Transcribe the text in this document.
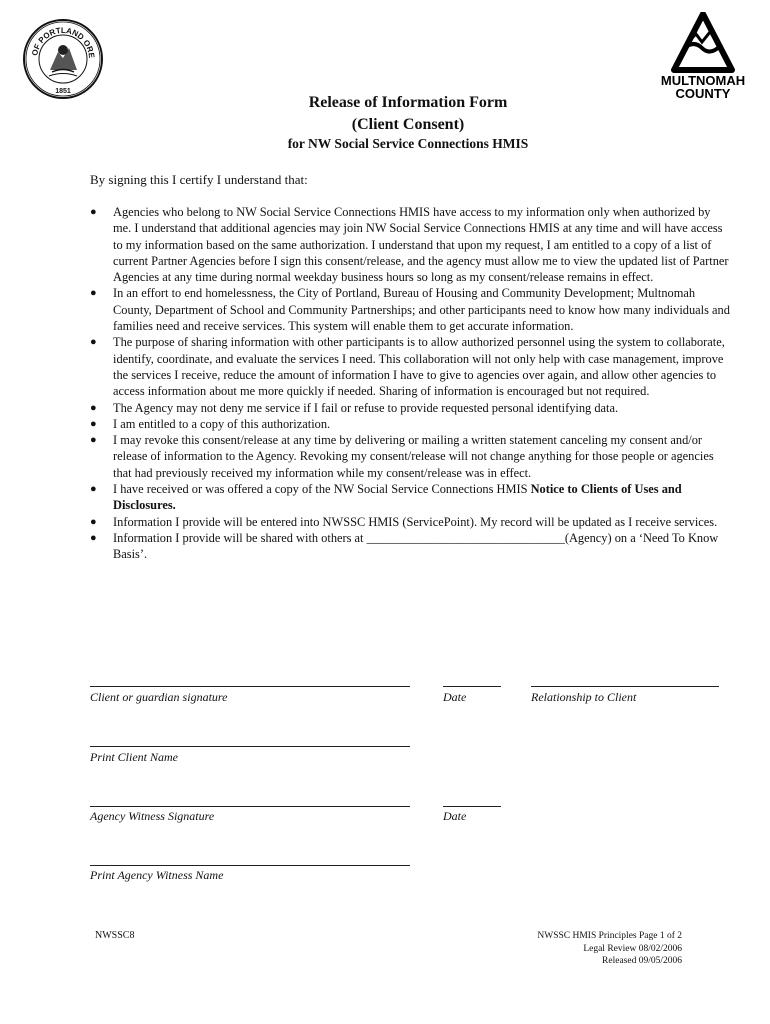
OF PORTLAND ORE
1851
MULTNOMAH
COUNTY
Release of Information Form
(Client Consent)
for NW Social Service Connections HMIS
By signing this I certify I understand that:
● Agencies who belong to NW Social Service Connections HMIS have access to my information only when authorized by me. I understand that additional agencies may join NW Social Service Connections HMIS at any time and will have access to my information based on the same authorization. I understand that upon my request, I am entitled to a copy of a list of current Partner Agencies before I sign this consent/release, and the agency must allow me to view the updated list of Partner Agencies at any time during normal weekday business hours so long as my consent/release remains in effect.
● In an effort to end homelessness, the City of Portland, Bureau of Housing and Community Development; Multnomah County, Department of School and Community Partnerships; and other participants need to know how many individuals and families need and receive services. This system will enable them to get accurate information.
● The purpose of sharing information with other participants is to allow authorized personnel using the system to collaborate, identify, coordinate, and evaluate the services I need. This collaboration will not only help with case management, improve the services I receive, reduce the amount of information I have to give to agencies over again, and allow other agencies to access information about me more quickly if needed. Sharing of information is encouraged but not required.
● The Agency may not deny me service if I fail or refuse to provide requested personal identifying data.
● I am entitled to a copy of this authorization.
● I may revoke this consent/release at any time by delivering or mailing a written statement canceling my consent and/or release of information to the Agency. Revoking my consent/release will not change anything for those people or agencies that had previously received my information while my consent/release was in effect.
● I have received or was offered a copy of the NW Social Service Connections HMIS Notice to Clients of Uses and Disclosures.
● Information I provide will be entered into NWSSC HMIS (ServicePoint). My record will be updated as I receive services.
● Information I provide will be shared with others at ________________________________(Agency) on a ‘Need To Know Basis’.
Client or guardian signature	Date	Relationship to Client
Print Client Name
Agency Witness Signature	Date
Print Agency Witness Name
NWSSC8	NWSSC HMIS Principles Page 1 of 2
Legal Review 08/02/2006
Released 09/05/2006
